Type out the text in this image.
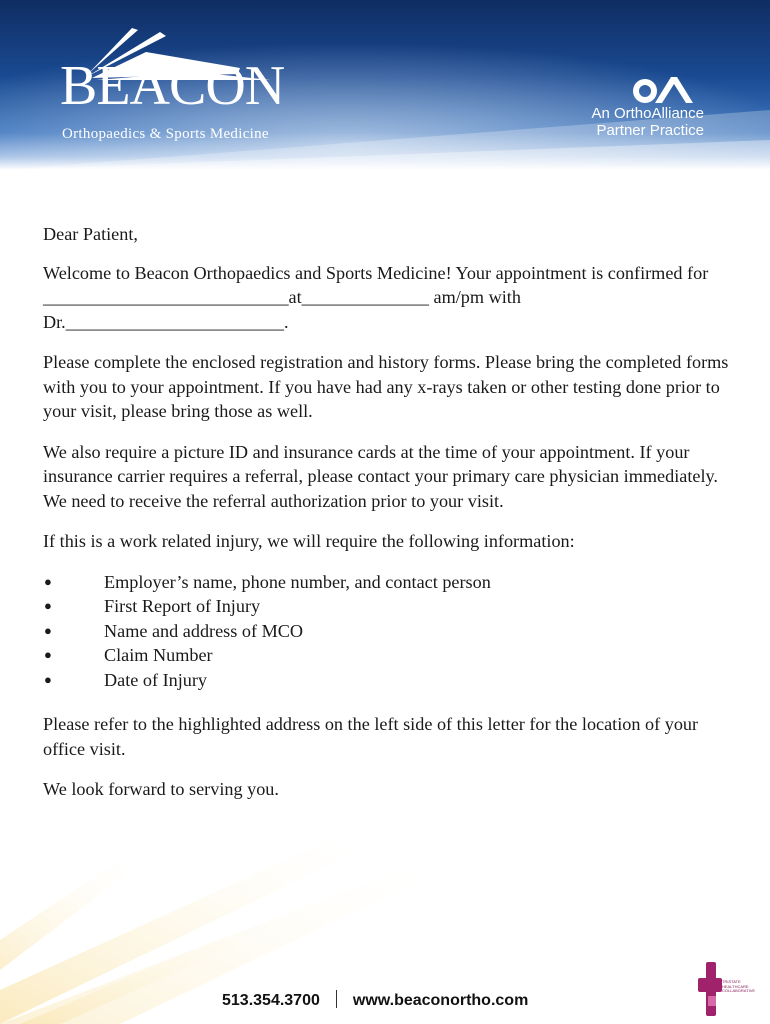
BEACON
Orthopaedics & Sports Medicine
An OrthoAlliance
Partner Practice

Dear Patient,

Welcome to Beacon Orthopaedics and Sports Medicine! Your appointment is confirmed for ___________________________at______________ am/pm with Dr.________________________.

Please complete the enclosed registration and history forms. Please bring the completed forms with you to your appointment. If you have had any x-rays taken or other testing done prior to your visit, please bring those as well.

We also require a picture ID and insurance cards at the time of your appointment. If your insurance carrier requires a referral, please contact your primary care physician immediately. We need to receive the referral authorization prior to your visit.

If this is a work related injury, we will require the following information:

●	Employer’s name, phone number, and contact person
●	First Report of Injury
●	Name and address of MCO
●	Claim Number
●	Date of Injury

Please refer to the highlighted address on the left side of this letter for the location of your office visit.

We look forward to serving you.

513.354.3700 www.beaconortho.com
TRISTATE HEALTHCARE COLLABORATIVE
